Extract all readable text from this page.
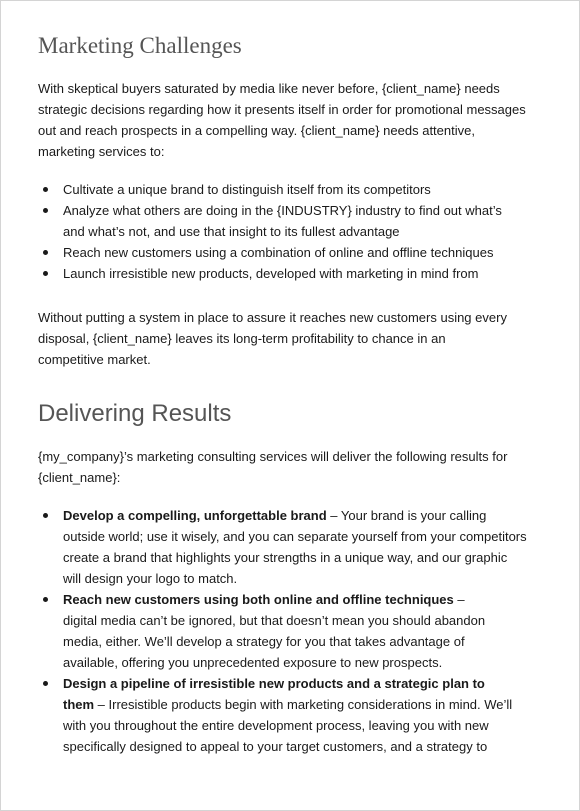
Marketing Challenges

With skeptical buyers saturated by media like never before, {client_name} needs
strategic decisions regarding how it presents itself in order for promotional messages
out and reach prospects in a compelling way. {client_name} needs attentive,
marketing services to:

Cultivate a unique brand to distinguish itself from its competitors
Analyze what others are doing in the {INDUSTRY} industry to find out what’s
and what’s not, and use that insight to its fullest advantage
Reach new customers using a combination of online and offline techniques
Launch irresistible new products, developed with marketing in mind from

Without putting a system in place to assure it reaches new customers using every
disposal, {client_name} leaves its long-term profitability to chance in an
competitive market.

Delivering Results

{my_company}’s marketing consulting services will deliver the following results for
{client_name}:

Develop a compelling, unforgettable brand – Your brand is your calling
outside world; use it wisely, and you can separate yourself from your competitors
create a brand that highlights your strengths in a unique way, and our graphic
will design your logo to match.
Reach new customers using both online and offline techniques –
digital media can’t be ignored, but that doesn’t mean you should abandon
media, either. We’ll develop a strategy for you that takes advantage of
available, offering you unprecedented exposure to new prospects.
Design a pipeline of irresistible new products and a strategic plan to
them – Irresistible products begin with marketing considerations in mind. We’ll
with you throughout the entire development process, leaving you with new
specifically designed to appeal to your target customers, and a strategy to
